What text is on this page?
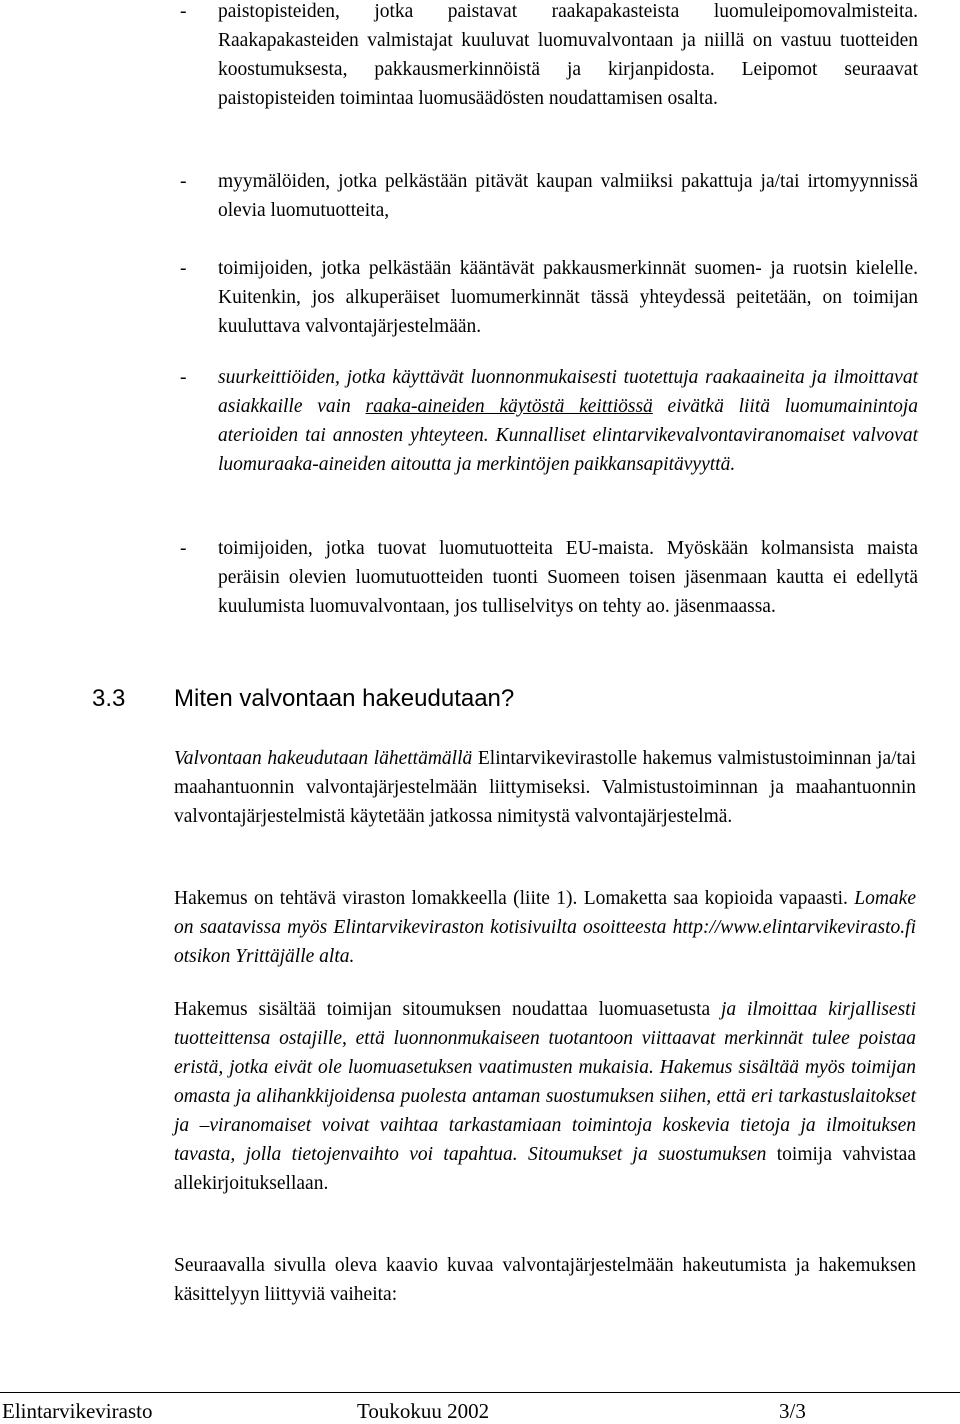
- paistopisteiden, jotka paistavat raakapakasteista luomuleipomovalmisteita. Raakapakasteiden valmistajat kuuluvat luomuvalvontaan ja niillä on vastuu tuotteiden koostumuksesta, pakkausmerkinnöistä ja kirjanpidosta. Leipomot seuraavat paistopisteiden toimintaa luomusäädösten noudattamisen osalta.
- myymälöiden, jotka pelkästään pitävät kaupan valmiiksi pakattuja ja/tai irtomyynnissä olevia luomutuotteita,
- toimijoiden, jotka pelkästään kääntävät pakkausmerkinnät suomen- ja ruotsin kielelle. Kuitenkin, jos alkuperäiset luomumerkinnät tässä yhteydessä peitetään, on toimijan kuuluttava valvontajärjestelmään.
- suurkeittiöiden, jotka käyttävät luonnonmukaisesti tuotettuja raakaaineita ja ilmoittavat asiakkaille vain raaka-aineiden käytöstä keittiössä eivätkä liitä luomumainintoja aterioiden tai annosten yhteyteen. Kunnalliset elintarvikevalvontaviranomaiset valvovat luomuraaka-aineiden aitoutta ja merkintöjen paikkansapitävyyttä.
- toimijoiden, jotka tuovat luomutuotteita EU-maista. Myöskään kolmansista maista peräisin olevien luomutuotteiden tuonti Suomeen toisen jäsenmaan kautta ei edellytä kuulumista luomuvalvontaan, jos tulliselvitys on tehty ao. jäsenmaassa.
3.3 Miten valvontaan hakeudutaan?
Valvontaan hakeudutaan lähettämällä Elintarvikevirastolle hakemus valmistustoiminnan ja/tai maahantuonnin valvontajärjestelmään liittymiseksi. Valmistustoiminnan ja maahantuonnin valvontajärjestelmistä käytetään jatkossa nimitystä valvontajärjestelmä.
Hakemus on tehtävä viraston lomakkeella (liite 1). Lomaketta saa kopioida vapaasti. Lomake on saatavissa myös Elintarvikeviraston kotisivuilta osoitteesta http://www.elintarvikevirasto.fi otsikon Yrittäjälle alta.
Hakemus sisältää toimijan sitoumuksen noudattaa luomuasetusta ja ilmoittaa kirjallisesti tuotteittensa ostajille, että luonnonmukaiseen tuotantoon viittaavat merkinnät tulee poistaa eristä, jotka eivät ole luomuasetuksen vaatimusten mukaisia. Hakemus sisältää myös toimijan omasta ja alihankkijoidensa puolesta antaman suostumuksen siihen, että eri tarkastuslaitokset ja –viranomaiset voivat vaihtaa tarkastamiaan toimintoja koskevia tietoja ja ilmoituksen tavasta, jolla tietojenvaihto voi tapahtua. Sitoumukset ja suostumuksen toimija vahvistaa allekirjoituksellaan.
Seuraavalla sivulla oleva kaavio kuvaa valvontajärjestelmään hakeutumista ja hakemuksen käsittelyyn liittyviä vaiheita:
Elintarvikevirasto	Toukokuu 2002	3/3
